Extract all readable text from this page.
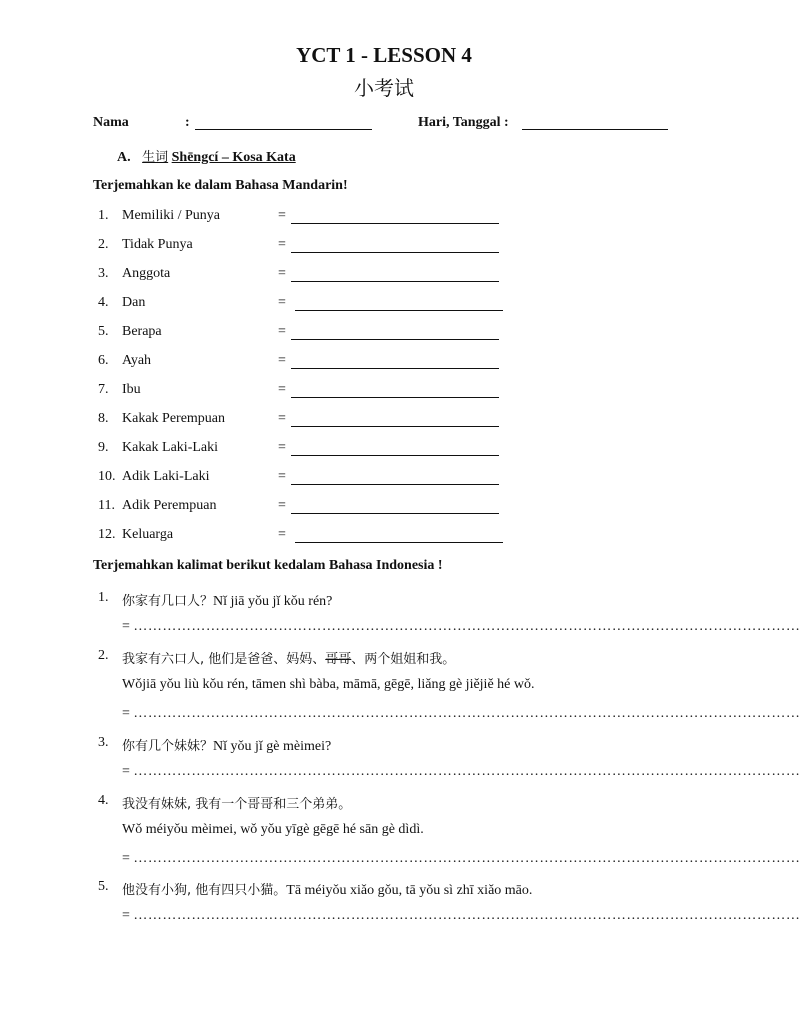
YCT 1 - LESSON 4
小考试
Nama	:	Hari, Tanggal :
A. 生词 Shēngcí – Kosa Kata
Terjemahkan ke dalam Bahasa Mandarin!
1. Memiliki / Punya	=
2. Tidak Punya	=
3. Anggota	=
4. Dan	=
5. Berapa	=
6. Ayah	=
7. Ibu	=
8. Kakak Perempuan	=
9. Kakak Laki-Laki	=
10. Adik Laki-Laki	=
11. Adik Perempuan	=
12. Keluarga	=
Terjemahkan kalimat berikut kedalam Bahasa Indonesia !
1. 你家有几口人？Nǐ jiā yǒu jǐ kǒu rén?
= …………………………………………………………………………………………………………………………
2. 我家有六口人, 他们是爸爸、妈妈、哥哥、两个姐姐和我。
Wǒjiā yǒu liù kǒu rén, tāmen shì bàba, māmā, gēgē, liǎng gè jiějiě hé wǒ.
= …………………………………………………………………………………………………………………………
3. 你有几个妹妹？Nǐ yǒu jǐ gè mèimei?
= …………………………………………………………………………………………………………………………
4. 我没有妹妹, 我有一个哥哥和三个弟弟。
Wǒ méiyǒu mèimei, wǒ yǒu yīgè gēgē hé sān gè dìdì.
= …………………………………………………………………………………………………………………………
5. 他没有小狗, 他有四只小猫。Tā méiyǒu xiǎo gǒu, tā yǒu sì zhī xiǎo māo.
= …………………………………………………………………………………………………………………………
